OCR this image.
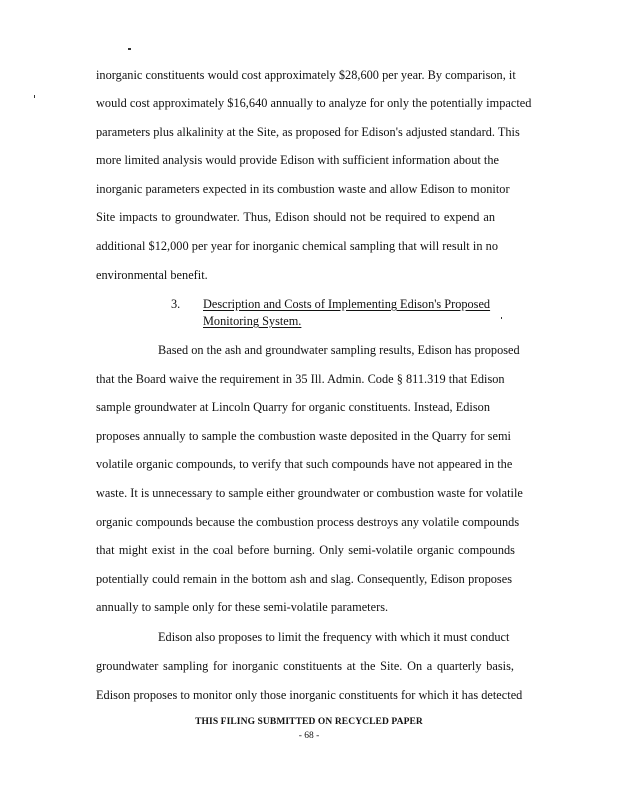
inorganic constituents would cost approximately $28,600 per year. By comparison, it
would cost approximately $16,640 annually to analyze for only the potentially impacted
parameters plus alkalinity at the Site, as proposed for Edison's adjusted standard. This
more limited analysis would provide Edison with sufficient information about the
inorganic parameters expected in its combustion waste and allow Edison to monitor
Site impacts to groundwater. Thus, Edison should not be required to expend an
additional $12,000 per year for inorganic chemical sampling that will result in no
environmental benefit.
3. Description and Costs of Implementing Edison's Proposed
Monitoring System.
Based on the ash and groundwater sampling results, Edison has proposed
that the Board waive the requirement in 35 Ill. Admin. Code § 811.319 that Edison
sample groundwater at Lincoln Quarry for organic constituents. Instead, Edison
proposes annually to sample the combustion waste deposited in the Quarry for semi
volatile organic compounds, to verify that such compounds have not appeared in the
waste. It is unnecessary to sample either groundwater or combustion waste for volatile
organic compounds because the combustion process destroys any volatile compounds
that might exist in the coal before burning. Only semi-volatile organic compounds
potentially could remain in the bottom ash and slag. Consequently, Edison proposes
annually to sample only for these semi-volatile parameters.
Edison also proposes to limit the frequency with which it must conduct
groundwater sampling for inorganic constituents at the Site. On a quarterly basis,
Edison proposes to monitor only those inorganic constituents for which it has detected
THIS FILING SUBMITTED ON RECYCLED PAPER
- 68 -
